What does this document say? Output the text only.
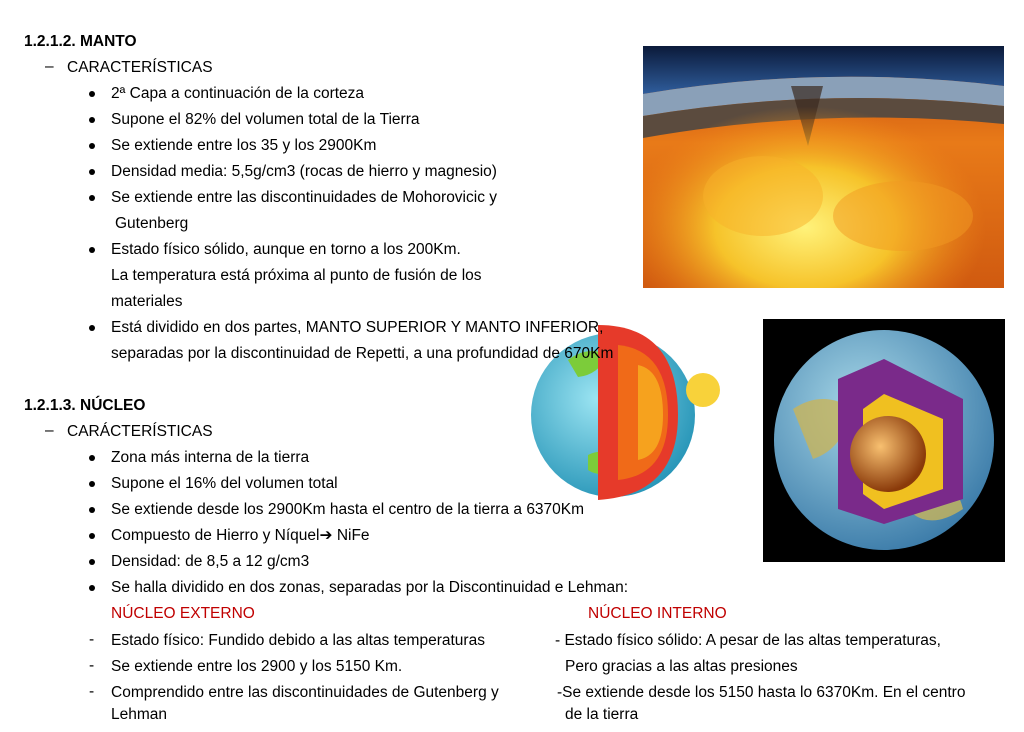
1.2.1.2. MANTO
– CARACTERÍSTICAS
2ª Capa a continuación de la corteza
Supone el 82% del volumen total de la Tierra
Se extiende entre los 35 y los 2900Km
Densidad media: 5,5g/cm3 (rocas de hierro y magnesio)
Se extiende entre las discontinuidades de Mohorovicic y
Gutenberg
Estado físico sólido, aunque en torno a los 200Km.
La temperatura está próxima al punto de fusión de los
materiales
Está dividido en dos partes, MANTO SUPERIOR Y MANTO INFERIOR,
separadas por la discontinuidad de Repetti, a una profundidad de 670Km
1.2.1.3. NÚCLEO
– CARÁCTERÍSTICAS
Zona más interna de la tierra
Supone el 16% del volumen total
Se extiende desde los 2900Km hasta el centro de la tierra a 6370Km
Compuesto de Hierro y Níquel➔ NiFe
Densidad: de 8,5 a 12 g/cm3
Se halla dividido en dos zonas, separadas por la Discontinuidad e Lehman:
NÚCLEO EXTERNO	NÚCLEO INTERNO
- Estado físico: Fundido debido a las altas temperaturas
- Se extiende entre los 2900 y los 5150 Km.
- Comprendido entre las discontinuidades de Gutenberg y
Lehman
- Estado físico sólido: A pesar de las altas temperaturas,
Pero gracias a las altas presiones
-Se extiende desde los 5150 hasta lo 6370Km. En el centro
de la tierra
